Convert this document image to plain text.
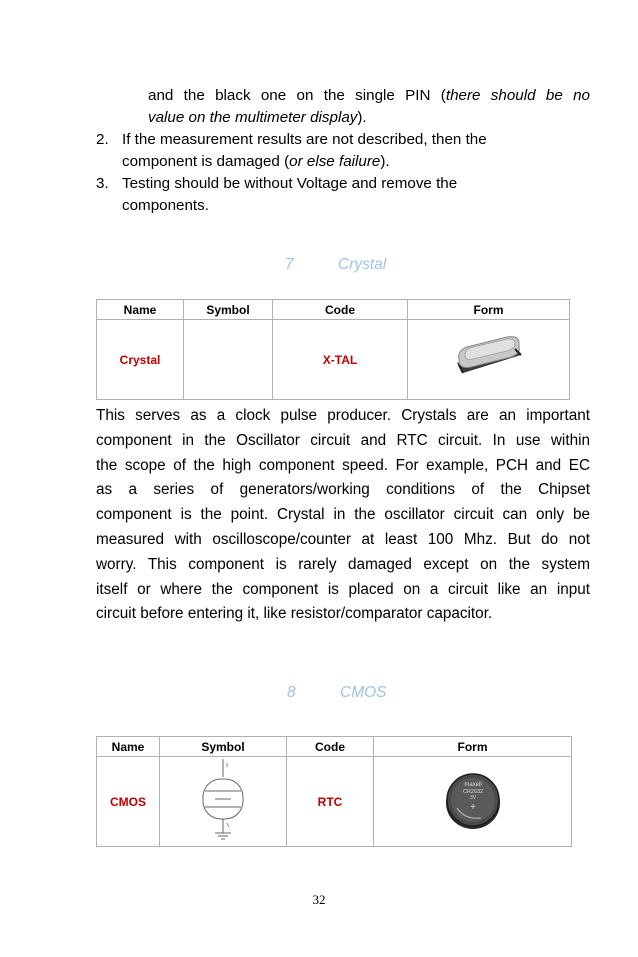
and the black one on the single PIN (there should be no
value on the multimeter display).
2. If the measurement results are not described, then the
component is damaged (or else failure).
3. Testing should be without Voltage and remove the
components.
7	Crystal
Name	Symbol	Code	Form
Crystal		X-TAL	
This serves as a clock pulse producer. Crystals are an important
component in the Oscillator circuit and RTC circuit. In use within
the scope of the high component speed. For example, PCH and EC
as a series of generators/working conditions of the Chipset
component is the point. Crystal in the oscillator circuit can only be
measured with oscilloscope/counter at least 100 Mhz. But do not
worry. This component is rarely damaged except on the system
itself or where the component is placed on a circuit like an input
circuit before entering it, like resistor/comparator capacitor.
8	CMOS
Name	Symbol	Code	Form
CMOS		RTC	maxell
CR2032
3V
+
32
